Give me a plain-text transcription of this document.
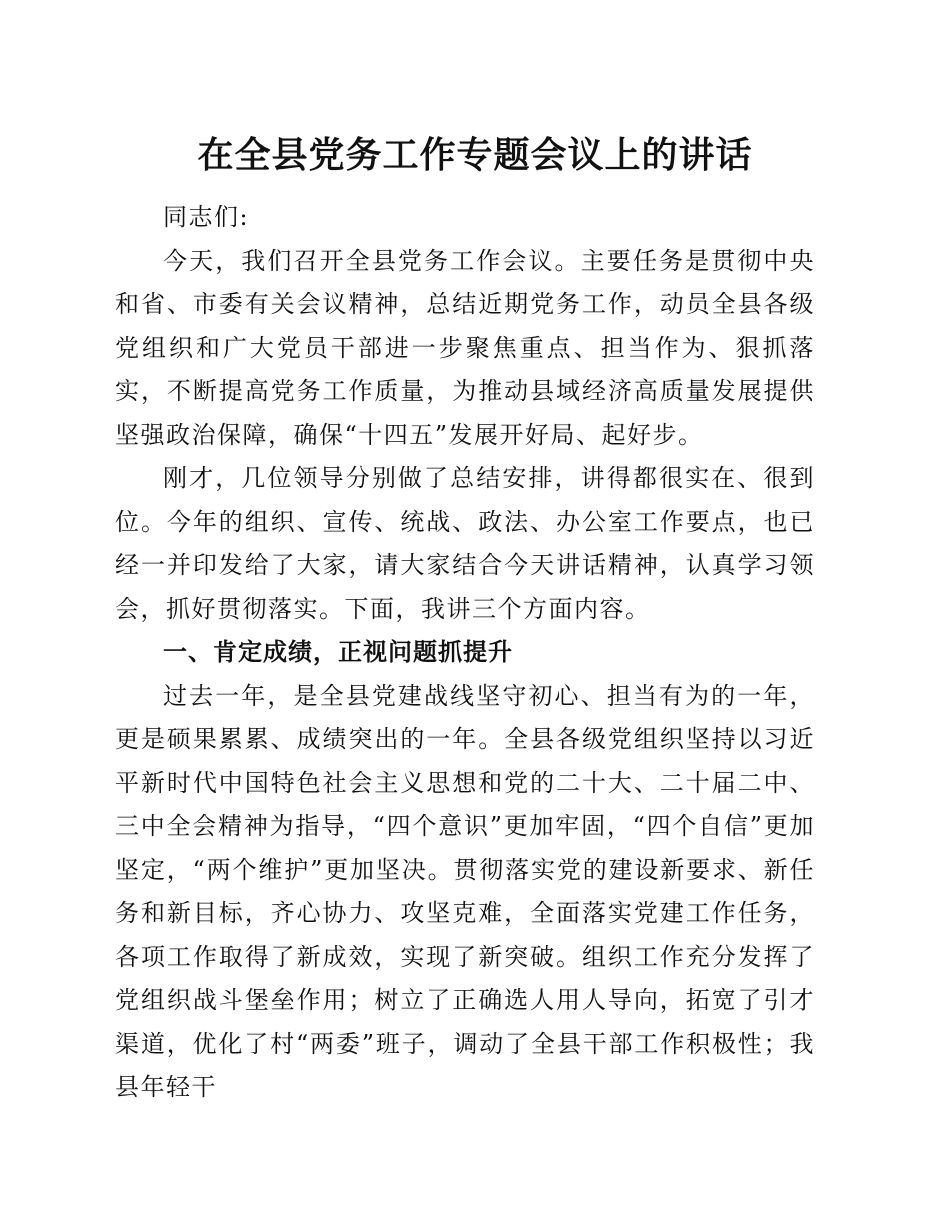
在全县党务工作专题会议上的讲话

同志们:

今天，我们召开全县党务工作会议。主要任务是贯彻中央和省、市委有关会议精神，总结近期党务工作，动员全县各级党组织和广大党员干部进一步聚焦重点、担当作为、狠抓落实，不断提高党务工作质量，为推动县域经济高质量发展提供坚强政治保障，确保“十四五”发展开好局、起好步。

刚才，几位领导分别做了总结安排，讲得都很实在、很到位。今年的组织、宣传、统战、政法、办公室工作要点，也已经一并印发给了大家，请大家结合今天讲话精神，认真学习领会，抓好贯彻落实。下面，我讲三个方面内容。

一、肯定成绩，正视问题抓提升

过去一年，是全县党建战线坚守初心、担当有为的一年，更是硕果累累、成绩突出的一年。全县各级党组织坚持以习近平新时代中国特色社会主义思想和党的二十大、二十届二中、三中全会精神为指导，“四个意识”更加牢固，“四个自信”更加坚定，“两个维护”更加坚决。贯彻落实党的建设新要求、新任务和新目标，齐心协力、攻坚克难，全面落实党建工作任务，各项工作取得了新成效，实现了新突破。组织工作充分发挥了党组织战斗堡垒作用；树立了正确选人用人导向，拓宽了引才渠道，优化了村“两委”班子，调动了全县干部工作积极性；我县年轻干
